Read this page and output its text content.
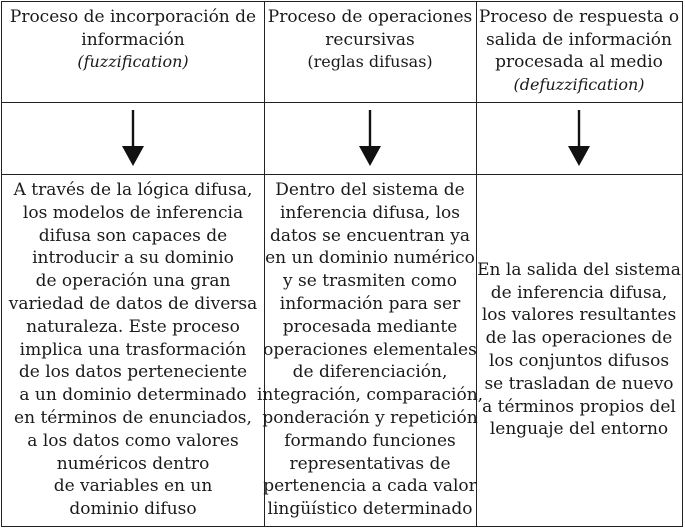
Proceso de incorporación de
información
(fuzzification)
A través de la lógica difusa,
los modelos de inferencia
difusa son capaces de
introducir a su dominio
de operación una gran
variedad de datos de diversa
naturaleza. Este proceso
implica una trasformación
de los datos perteneciente
a un dominio determinado
en términos de enunciados,
a los datos como valores
numéricos dentro
de variables en un
dominio difuso
Proceso de operaciones
recursivas
(reglas difusas)
Dentro del sistema de
inferencia difusa, los
datos se encuentran ya
en un dominio numérico
y se trasmiten como
información para ser
procesada mediante
operaciones elementales
de diferenciación,
integración, comparación,
ponderación y repetición
formando funciones
representativas de
pertenencia a cada valor
lingüístico determinado
Proceso de respuesta o
salida de información
procesada al medio
(defuzzification)
En la salida del sistema
de inferencia difusa,
los valores resultantes
de las operaciones de
los conjuntos difusos
se trasladan de nuevo
a términos propios del
lenguaje del entorno
